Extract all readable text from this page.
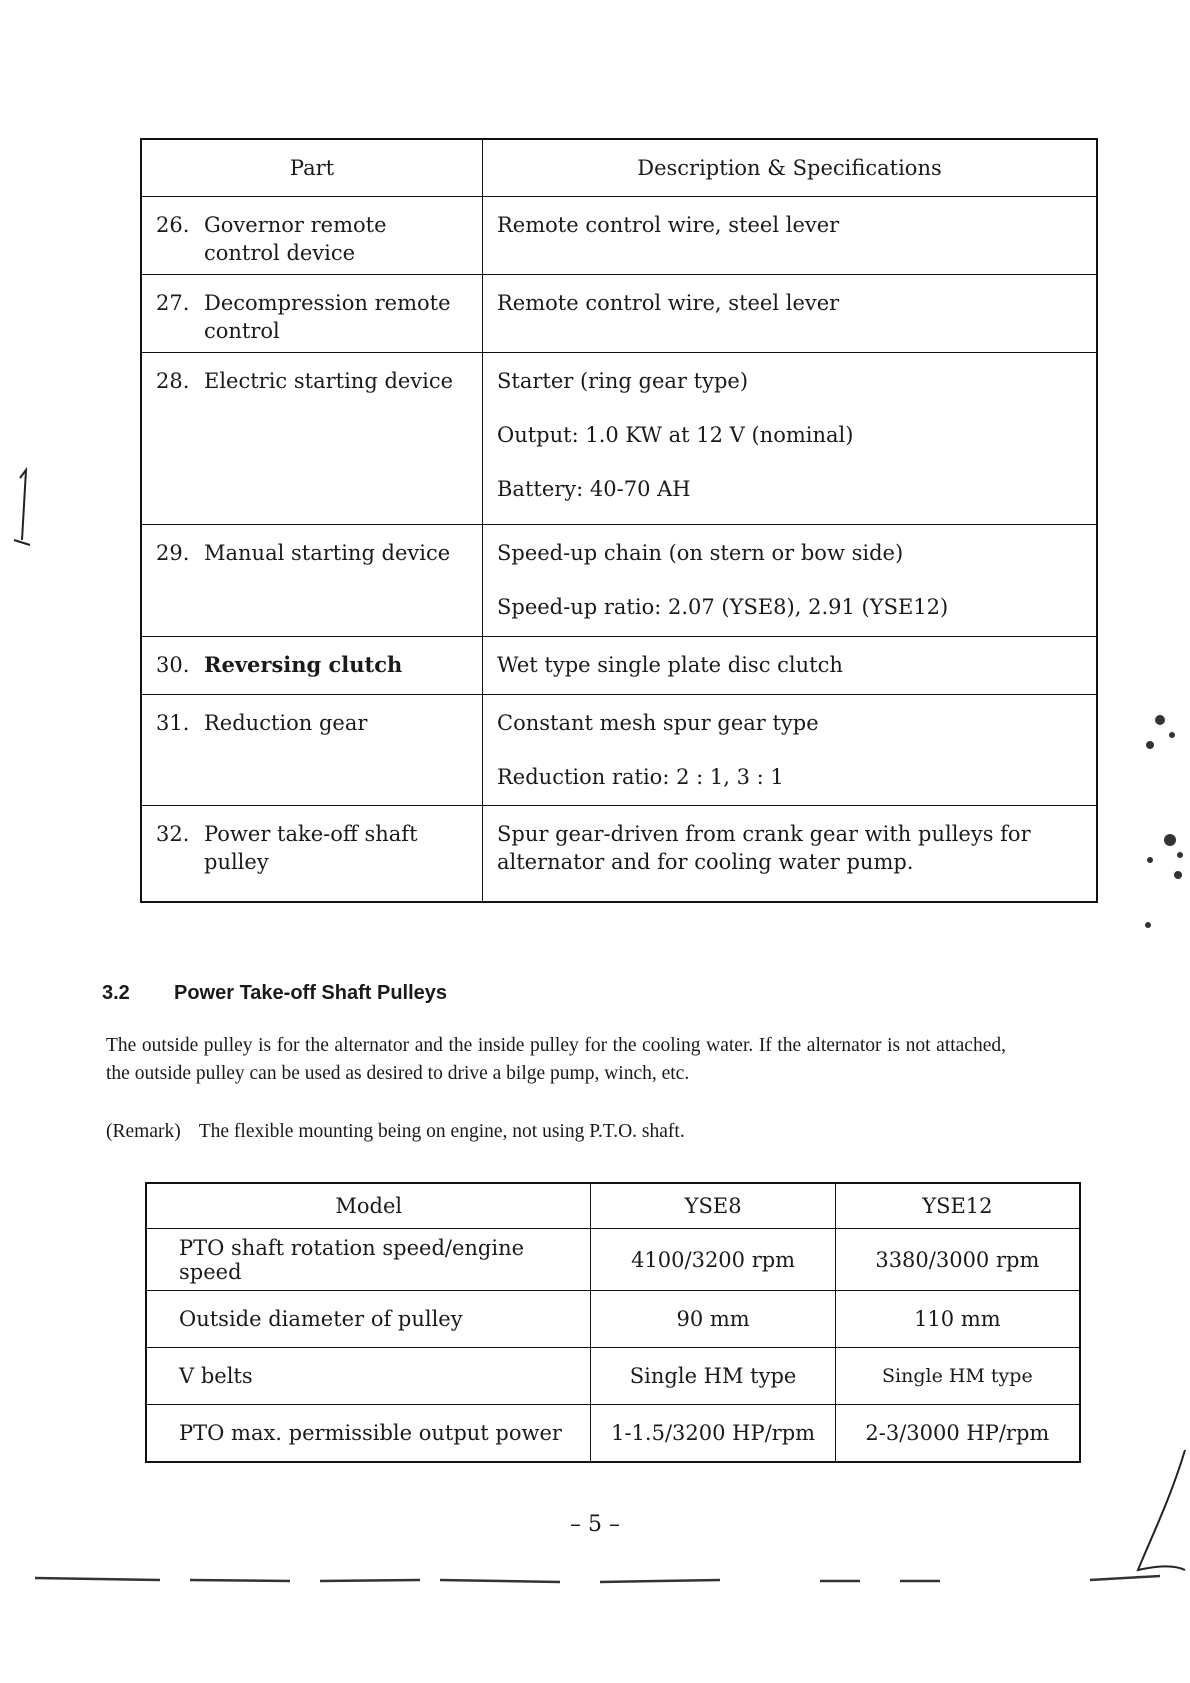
Part	Description & Specifications
26. Governor remote control device	Remote control wire, steel lever

27. Decompression remote control	Remote control wire, steel lever

28. Electric starting device	Starter (ring gear type)
Output: 1.0 KW at 12 V (nominal)
Battery: 40-70 AH

29. Manual starting device	Speed-up chain (on stern or bow side)
Speed-up ratio: 2.07 (YSE8), 2.91 (YSE12)

30. Reversing clutch	Wet type single plate disc clutch

31. Reduction gear	Constant mesh spur gear type
Reduction ratio: 2 : 1, 3 : 1

32. Power take-off shaft pulley	Spur gear-driven from crank gear with pulleys for alternator and for cooling water pump.
3.2 Power Take-off Shaft Pulleys
The outside pulley is for the alternator and the inside pulley for the cooling water. If the alternator is not attached, the outside pulley can be used as desired to drive a bilge pump, winch, etc.
(Remark) The flexible mounting being on engine, not using P.T.O. shaft.
Model	YSE8	YSE12
PTO shaft rotation speed/engine speed	4100/3200 rpm	3380/3000 rpm
Outside diameter of pulley	90 mm	110 mm
V belts	Single HM type	Single HM type
PTO max. permissible output power	1-1.5/3200 HP/rpm	2-3/3000 HP/rpm
– 5 –
